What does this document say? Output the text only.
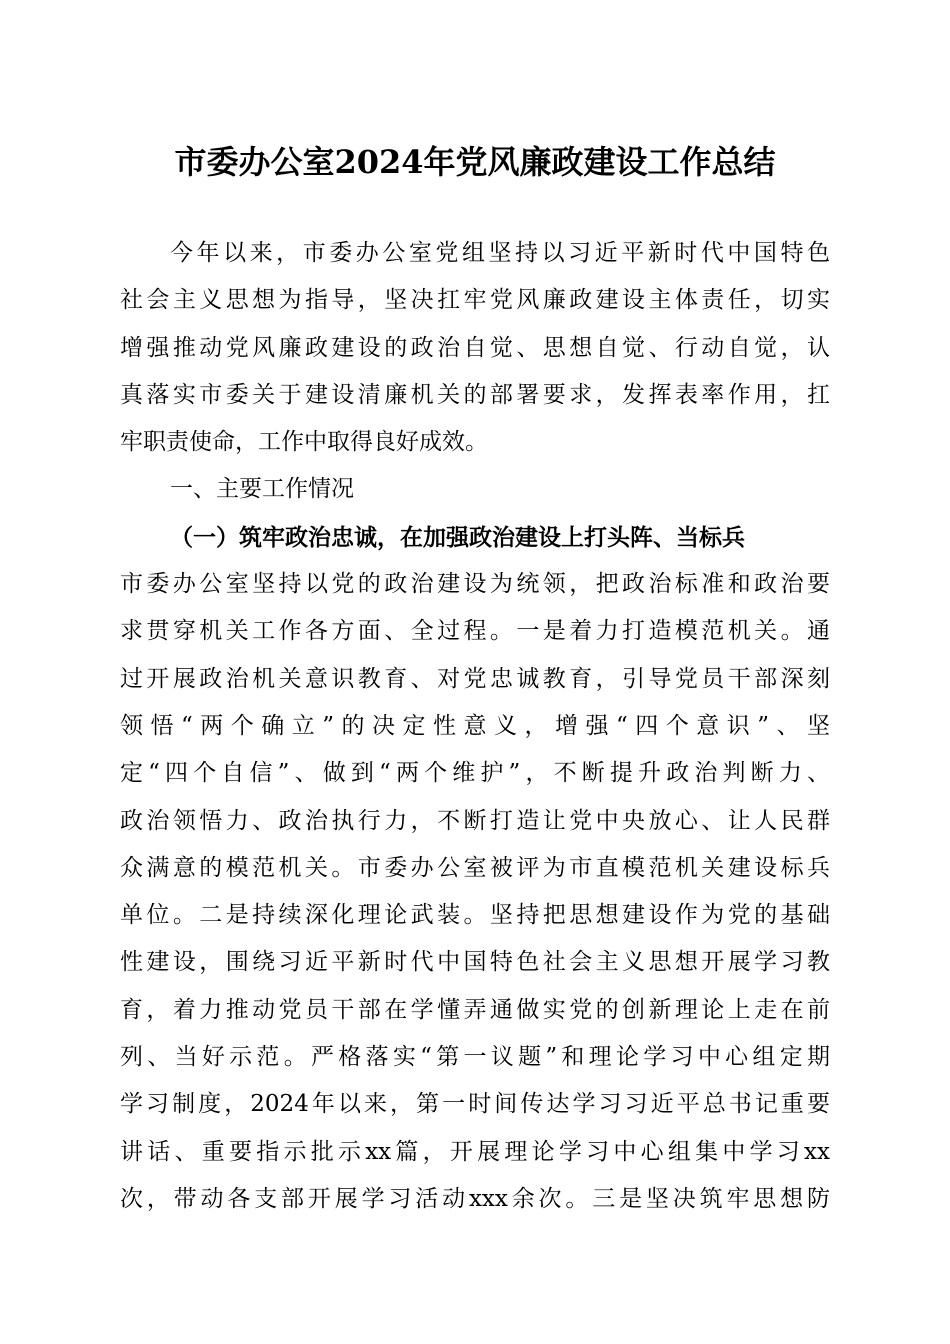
市委办公室2024年党风廉政建设工作总结
今年以来，市委办公室党组坚持以习近平新时代中国特色
社会主义思想为指导，坚决扛牢党风廉政建设主体责任，切实
增强推动党风廉政建设的政治自觉、思想自觉、行动自觉，认
真落实市委关于建设清廉机关的部署要求，发挥表率作用，扛
牢职责使命，工作中取得良好成效。
一、主要工作情况
（一）筑牢政治忠诚，在加强政治建设上打头阵、当标兵
市委办公室坚持以党的政治建设为统领，把政治标准和政治要
求贯穿机关工作各方面、全过程。一是着力打造模范机关。通
过开展政治机关意识教育、对党忠诚教育，引导党员干部深刻
领悟“两个确立”的决定性意义，增强“四个意识”、坚
定“四个自信”、做到“两个维护”，不断提升政治判断力、
政治领悟力、政治执行力，不断打造让党中央放心、让人民群
众满意的模范机关。市委办公室被评为市直模范机关建设标兵
单位。二是持续深化理论武装。坚持把思想建设作为党的基础
性建设，围绕习近平新时代中国特色社会主义思想开展学习教
育，着力推动党员干部在学懂弄通做实党的创新理论上走在前
列、当好示范。严格落实“第一议题”和理论学习中心组定期
学习制度，2024年以来，第一时间传达学习习近平总书记重要
讲话、重要指示批示xx篇，开展理论学习中心组集中学习xx
次，带动各支部开展学习活动xxx余次。三是坚决筑牢思想防
